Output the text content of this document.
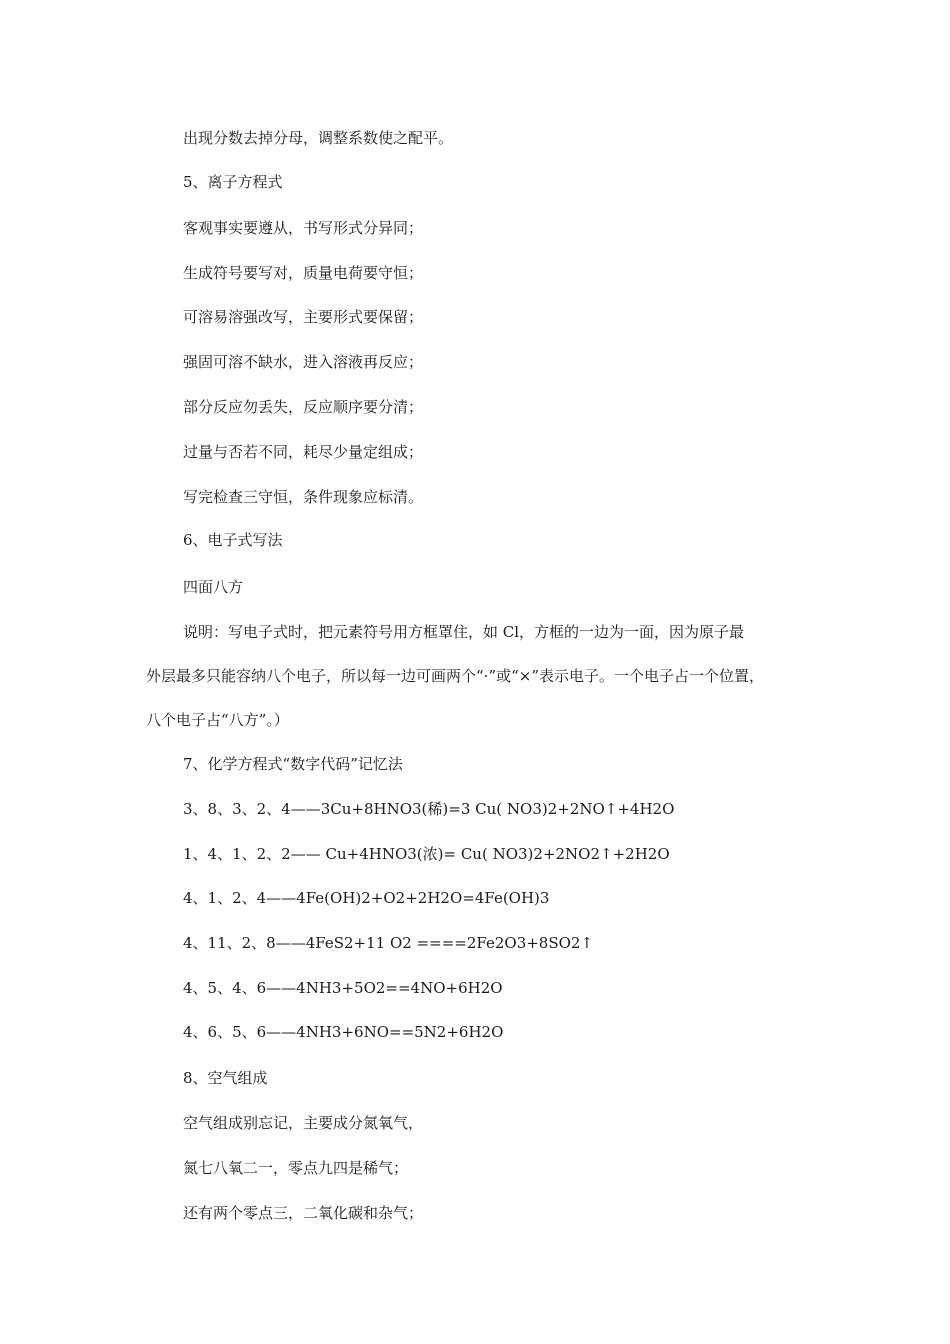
出现分数去掉分母，调整系数使之配平。
5、离子方程式
客观事实要遵从，书写形式分异同；
生成符号要写对，质量电荷要守恒；
可溶易溶强改写，主要形式要保留；
强固可溶不缺水，进入溶液再反应；
部分反应勿丢失，反应顺序要分清；
过量与否若不同，耗尽少量定组成；
写完检查三守恒，条件现象应标清。
6、电子式写法
四面八方
说明：写电子式时，把元素符号用方框罩住，如 Cl，方框的一边为一面，因为原子最
外层最多只能容纳八个电子，所以每一边可画两个“·”或“×”表示电子。一个电子占一个位置，
八个电子占“八方”。）
7、化学方程式“数字代码”记忆法
3、8、3、2、4——3Cu+8HNO3(稀)=3 Cu( NO3)2+2NO↑+4H2O
1、4、1、2、2—— Cu+4HNO3(浓)= Cu( NO3)2+2NO2↑+2H2O
4、1、2、4——4Fe(OH)2+O2+2H2O=4Fe(OH)3
4、11、2、8——4FeS2+11 O2 ====2Fe2O3+8SO2↑
4、5、4、6——4NH3+5O2==4NO+6H2O
4、6、5、6——4NH3+6NO==5N2+6H2O
8、空气组成
空气组成别忘记，主要成分氮氧气，
氮七八氧二一，零点九四是稀气；
还有两个零点三，二氧化碳和杂气；
